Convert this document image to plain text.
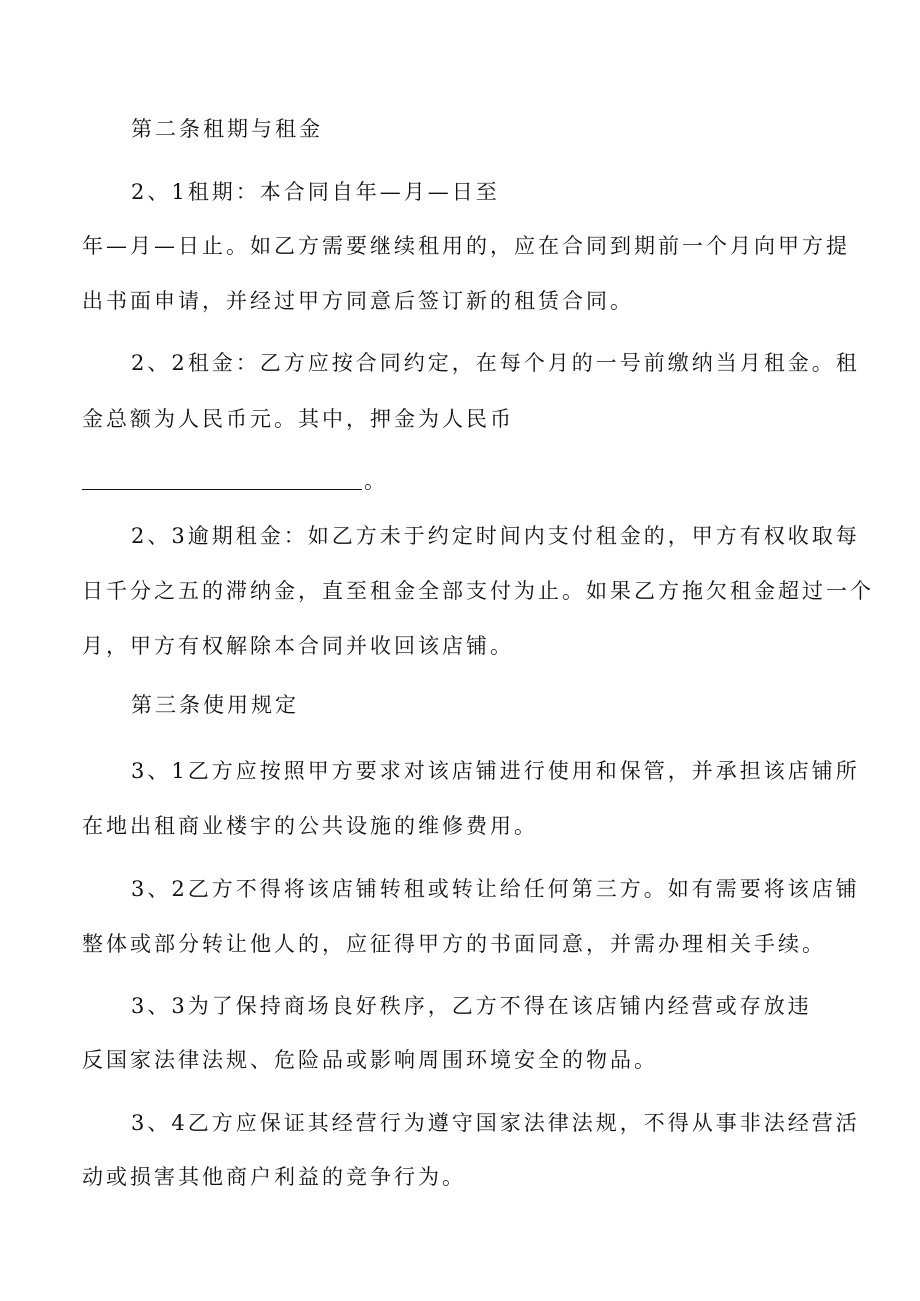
第二条租期与租金
2、1租期：本合同自年—月—日至
年—月—日止。如乙方需要继续租用的，应在合同到期前一个月向甲方提
出书面申请，并经过甲方同意后签订新的租赁合同。
2、2租金：乙方应按合同约定，在每个月的一号前缴纳当月租金。租
金总额为人民币元。其中，押金为人民币
。
2、3逾期租金：如乙方未于约定时间内支付租金的，甲方有权收取每
日千分之五的滞纳金，直至租金全部支付为止。如果乙方拖欠租金超过一个
月，甲方有权解除本合同并收回该店铺。
第三条使用规定
3、1乙方应按照甲方要求对该店铺进行使用和保管，并承担该店铺所
在地出租商业楼宇的公共设施的维修费用。
3、2乙方不得将该店铺转租或转让给任何第三方。如有需要将该店铺
整体或部分转让他人的，应征得甲方的书面同意，并需办理相关手续。
3、3为了保持商场良好秩序，乙方不得在该店铺内经营或存放违
反国家法律法规、危险品或影响周围环境安全的物品。
3、4乙方应保证其经营行为遵守国家法律法规，不得从事非法经营活
动或损害其他商户利益的竞争行为。
